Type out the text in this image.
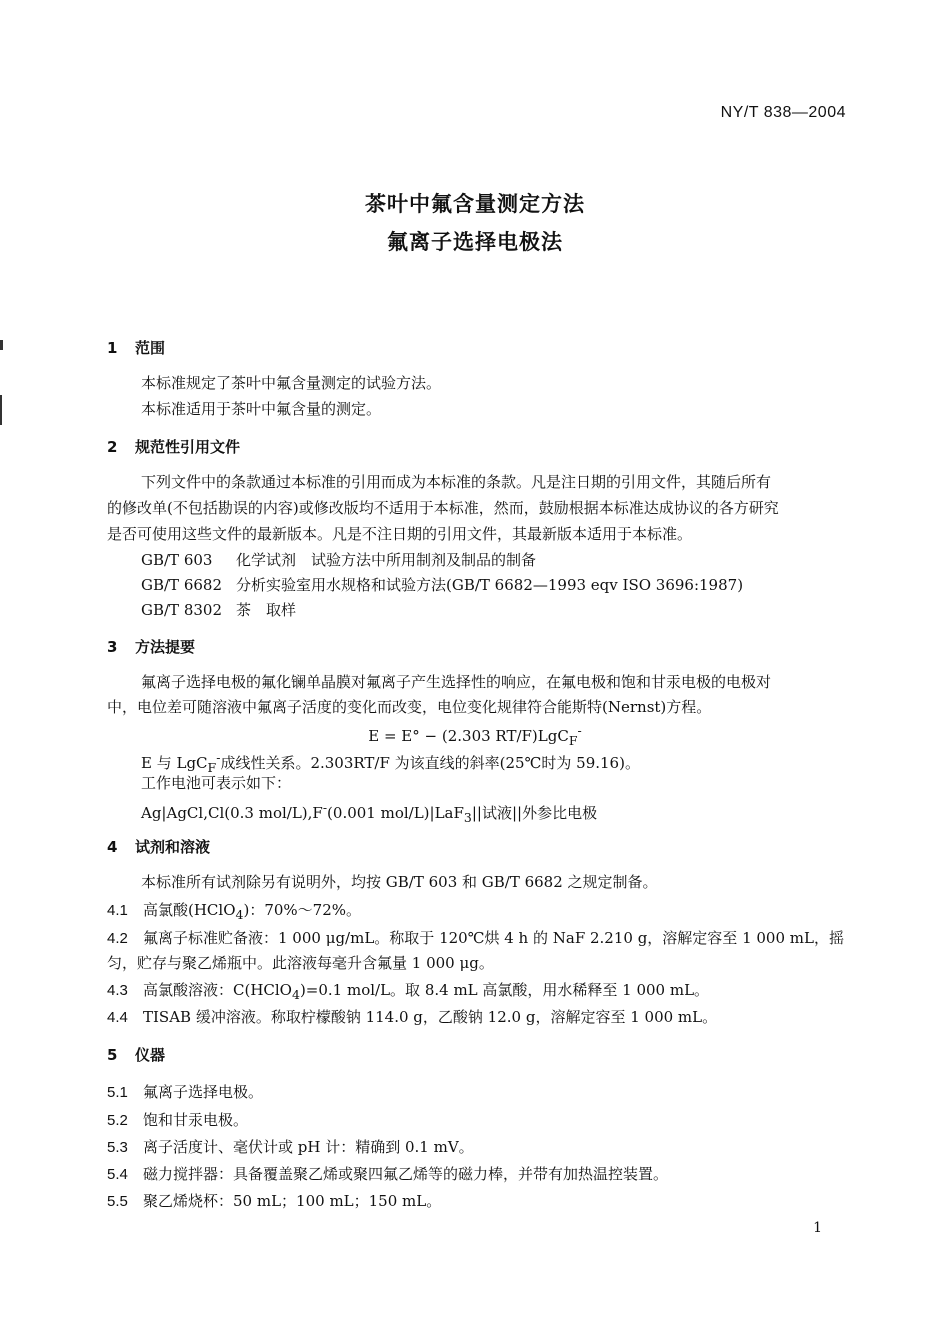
NY/T 838—2004
茶叶中氟含量测定方法
氟离子选择电极法
1 范围
本标准规定了茶叶中氟含量测定的试验方法。
本标准适用于茶叶中氟含量的测定。
2 规范性引用文件
下列文件中的条款通过本标准的引用而成为本标准的条款。凡是注日期的引用文件，其随后所有
的修改单(不包括勘误的内容)或修改版均不适用于本标准，然而，鼓励根据本标准达成协议的各方研究
是否可使用这些文件的最新版本。凡是不注日期的引用文件，其最新版本适用于本标准。
GB/T 603 化学试剂　试验方法中所用制剂及制品的制备
GB/T 6682 分析实验室用水规格和试验方法(GB/T 6682—1993 eqv ISO 3696:1987)
GB/T 8302 茶　取样
3 方法提要
氟离子选择电极的氟化镧单晶膜对氟离子产生选择性的响应，在氟电极和饱和甘汞电极的电极对
中，电位差可随溶液中氟离子活度的变化而改变，电位变化规律符合能斯特(Nernst)方程。
E = E° − (2.303 RT/F)LgC$_F$-
E 与 LgC$_F$-成线性关系。2.303RT/F 为该直线的斜率(25℃时为 59.16)。
工作电池可表示如下：
Ag|AgCl,Cl(0.3 mol/L),F-(0.001 mol/L)|LaF$_3$||试液||外参比电极
4 试剂和溶液
本标准所有试剂除另有说明外，均按 GB/T 603 和 GB/T 6682 之规定制备。
4.1 高氯酸(HClO$_4$)：70%～72%。
4.2 氟离子标准贮备液：1 000 μg/mL。称取于 120℃烘 4 h 的 NaF 2.210 g，溶解定容至 1 000 mL，摇
匀，贮存与聚乙烯瓶中。此溶液每毫升含氟量 1 000 μg。
4.3 高氯酸溶液：C(HClO$_4$)=0.1 mol/L。取 8.4 mL 高氯酸，用水稀释至 1 000 mL。
4.4 TISAB 缓冲溶液。称取柠檬酸钠 114.0 g，乙酸钠 12.0 g，溶解定容至 1 000 mL。
5 仪器
5.1 氟离子选择电极。
5.2 饱和甘汞电极。
5.3 离子活度计、毫伏计或 pH 计：精确到 0.1 mV。
5.4 磁力搅拌器：具备覆盖聚乙烯或聚四氟乙烯等的磁力棒，并带有加热温控装置。
5.5 聚乙烯烧杯：50 mL；100 mL；150 mL。
1
